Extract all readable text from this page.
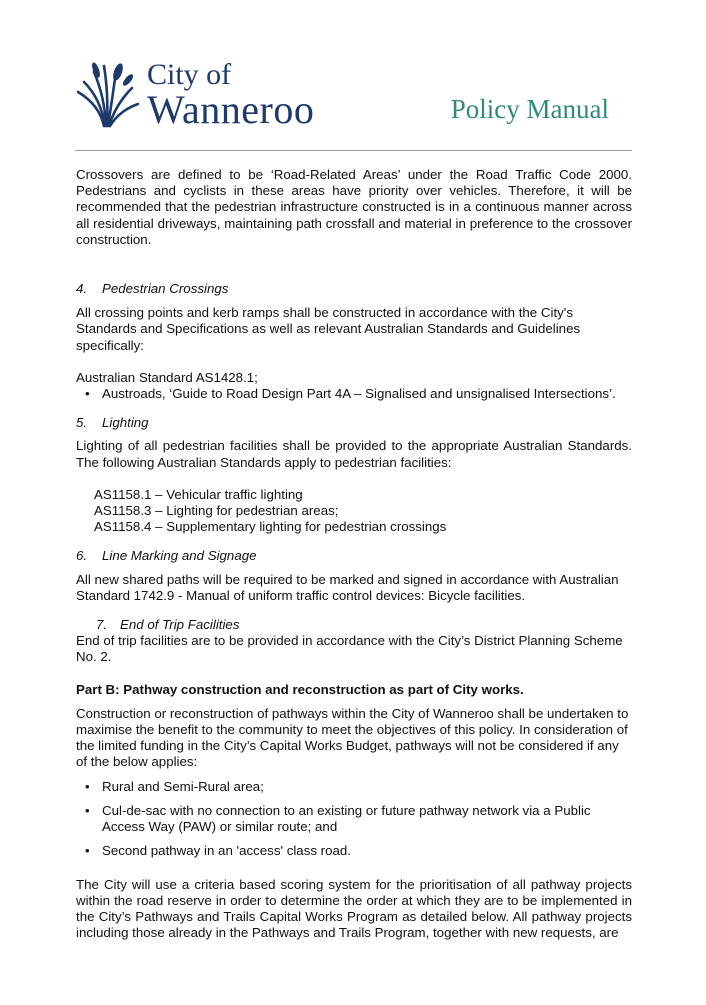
City of
Wanneroo	Policy Manual

Crossovers are defined to be ‘Road-Related Areas’ under the Road Traffic Code 2000. Pedestrians and cyclists in these areas have priority over vehicles. Therefore, it will be recommended that the pedestrian infrastructure constructed is in a continuous manner across all residential driveways, maintaining path crossfall and material in preference to the crossover construction.

4. Pedestrian Crossings

All crossing points and kerb ramps shall be constructed in accordance with the City's Standards and Specifications as well as relevant Australian Standards and Guidelines specifically:

Australian Standard AS1428.1;

• Austroads, ‘Guide to Road Design Part 4A – Signalised and unsignalised Intersections’.

5. Lighting

Lighting of all pedestrian facilities shall be provided to the appropriate Australian Standards. The following Australian Standards apply to pedestrian facilities:

AS1158.1 – Vehicular traffic lighting

AS1158.3 – Lighting for pedestrian areas;

AS1158.4 – Supplementary lighting for pedestrian crossings

6. Line Marking and Signage

All new shared paths will be required to be marked and signed in accordance with Australian Standard 1742.9 - Manual of uniform traffic control devices: Bicycle facilities.

7. End of Trip Facilities

End of trip facilities are to be provided in accordance with the City’s District Planning Scheme No. 2.

Part B: Pathway construction and reconstruction as part of City works.

Construction or reconstruction of pathways within the City of Wanneroo shall be undertaken to maximise the benefit to the community to meet the objectives of this policy. In consideration of the limited funding in the City’s Capital Works Budget, pathways will not be considered if any of the below applies:

• Rural and Semi-Rural area;
• Cul-de-sac with no connection to an existing or future pathway network via a Public Access Way (PAW) or similar route; and
• Second pathway in an 'access' class road.

The City will use a criteria based scoring system for the prioritisation of all pathway projects within the road reserve in order to determine the order at which they are to be implemented in the City’s Pathways and Trails Capital Works Program as detailed below. All pathway projects including those already in the Pathways and Trails Program, together with new requests, are
